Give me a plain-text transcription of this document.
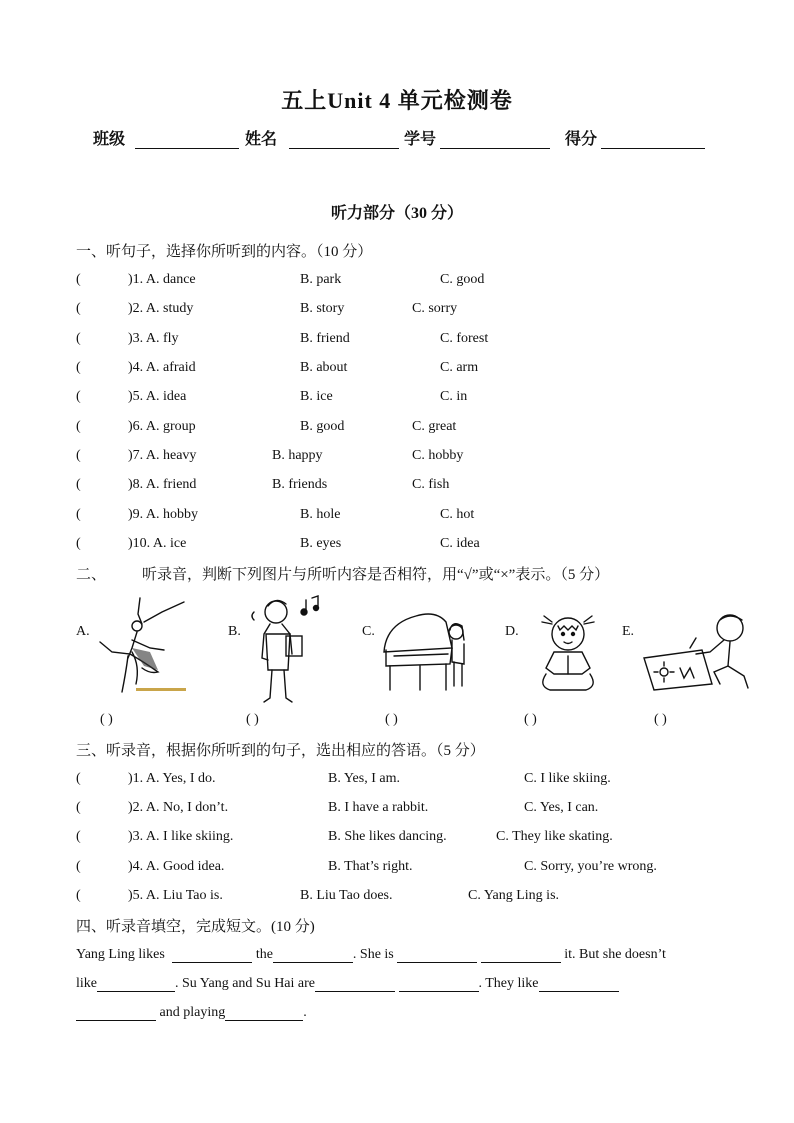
五上Unit 4 单元检测卷
班级	姓名	学号	得分
听力部分（30 分）
一、听句子，选择你所听到的内容。（10 分）
(	)1. A. dance	B. park	C. good
(	)2. A. study	B. story	C. sorry
(	)3. A. fly	B. friend	C. forest
(	)4. A. afraid	B. about	C. arm
(	)5. A. idea	B. ice	C. in
(	)6. A. group	B. good	C. great
(	)7. A. heavy	B. happy	C. hobby
(	)8. A. friend	B. friends	C. fish
(	)9. A. hobby	B. hole	C. hot
(	)10. A. ice	B. eyes	C. idea
二、 听录音，判断下列图片与所听内容是否相符，用“√”或“×”表示。（5 分）
A.	B.	C.	D.	E.
( )	( )	( )	( )	( )
三、听录音，根据你所听到的句子，选出相应的答语。（5 分）
(	)1. A. Yes, I do.	B. Yes, I am.	C. I like skiing.
(	)2. A. No, I don’t.	B. I have a rabbit.	C. Yes, I can.
(	)3. A. I like skiing.	B. She likes dancing.	C. They like skating.
(	)4. A. Good idea.	B. That’s right.	C. Sorry, you’re wrong.
(	)5. A. Liu Tao is.	B. Liu Tao does.	C. Yang Ling is.
四、听录音填空，完成短文。(10 分)
Yang Ling likes	the	. She is	it. But she doesn’t
like	. Su Yang and Su Hai are	. They like
and playing	.
